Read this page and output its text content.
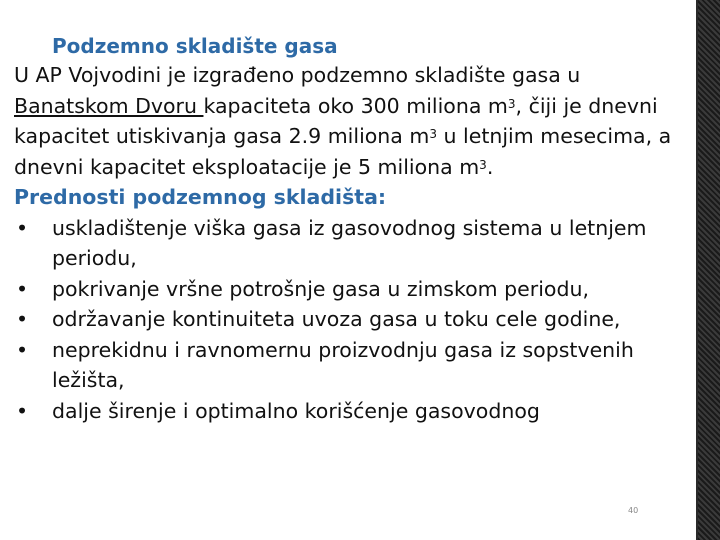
Podzemno skladište gasa

U AP Vojvodini je izgrađeno podzemno skladište gasa u Banatskom Dvoru kapaciteta oko 300 miliona $m^3$, čiji je dnevni kapacitet utiskivanja gasa 2.9 miliona $m^3$ u letnjim mesecima, a dnevni kapacitet eksploatacije je 5 miliona $m^3$.

Prednosti podzemnog skladišta:
•	uskladištenje viška gasa iz gasovodnog sistema u letnjem periodu,
•	pokrivanje vršne potrošnje gasa u zimskom periodu,
•	održavanje kontinuiteta uvoza gasa u toku cele godine,
•	neprekidnu i ravnomernu proizvodnju gasa iz sopstvenih ležišta,
•	dalje širenje i optimalno korišćenje gasovodnog
40
